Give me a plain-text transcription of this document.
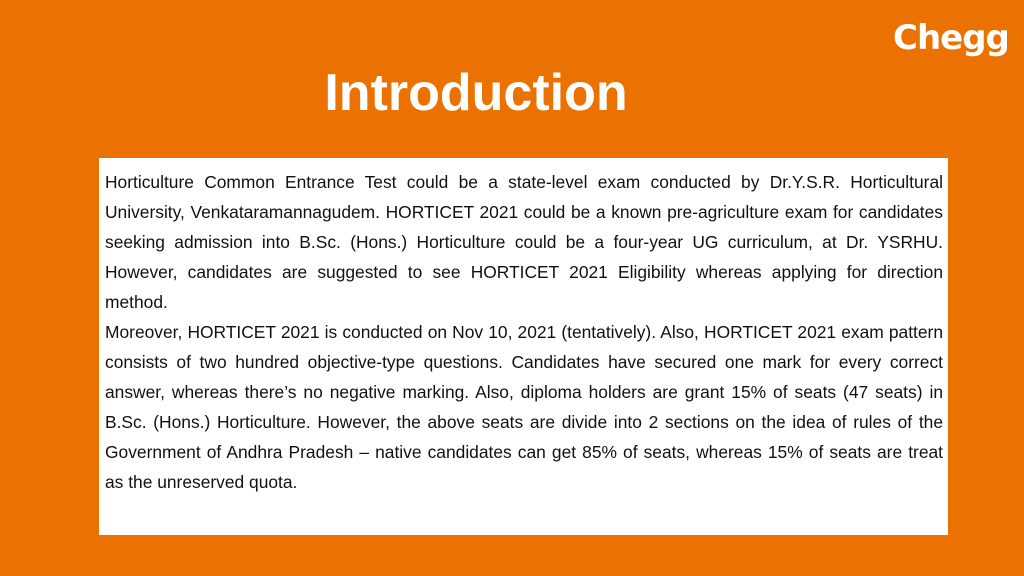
Chegg
Introduction

Horticulture Common Entrance Test could be a state-level exam conducted by Dr.Y.S.R. Horticultural University, Venkataramannagudem. HORTICET 2021 could be a known pre-agriculture exam for candidates seeking admission into B.Sc. (Hons.) Horticulture could be a four-year UG curriculum, at Dr. YSRHU. However, candidates are suggested to see HORTICET 2021 Eligibility whereas applying for direction method.

Moreover, HORTICET 2021 is conducted on Nov 10, 2021 (tentatively). Also, HORTICET 2021 exam pattern consists of two hundred objective-type questions. Candidates have secured one mark for every correct answer, whereas there’s no negative marking. Also, diploma holders are grant 15% of seats (47 seats) in B.Sc. (Hons.) Horticulture. However, the above seats are divide into 2 sections on the idea of rules of the Government of Andhra Pradesh – native candidates can get 85% of seats, whereas 15% of seats are treat as the unreserved quota.
